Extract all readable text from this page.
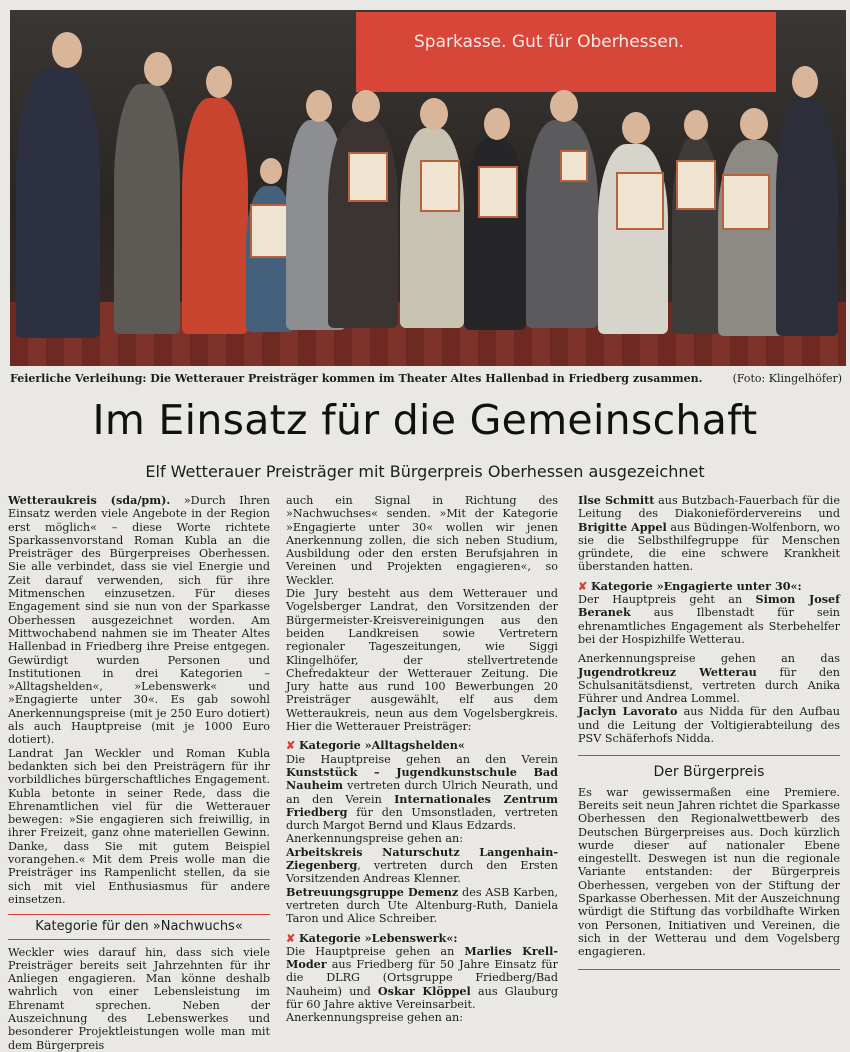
Sparkasse. Gut für Oberhessen.
Feierliche Verleihung: Die Wetterauer Preisträger kommen im Theater Altes Hallenbad in Friedberg zusammen.	(Foto: Klingelhöfer)
Im Einsatz für die Gemeinschaft
Elf Wetterauer Preisträger mit Bürgerpreis Oberhessen ausgezeichnet

Wetteraukreis (sda/pm). »Durch Ihren Einsatz werden viele Angebote in der Region erst möglich« – diese Worte richtete Sparkassenvorstand Roman Kubla an die Preisträger des Bürgerpreises Oberhessen. Sie alle verbindet, dass sie viel Energie und Zeit darauf verwenden, sich für ihre Mitmenschen einzusetzen. Für dieses Engagement sind sie nun von der Sparkasse Oberhessen ausgezeichnet worden. Am Mittwochabend nahmen sie im Theater Altes Hallenbad in Friedberg ihre Preise entgegen. Gewürdigt wurden Personen und Institutionen in drei Kategorien – »Alltagshelden«, »Lebenswerk« und »Engagierte unter 30«. Es gab sowohl Anerkennungspreise (mit je 250 Euro dotiert) als auch Hauptpreise (mit je 1000 Euro dotiert).

Landrat Jan Weckler und Roman Kubla bedankten sich bei den Preisträgern für ihr vorbildliches bürgerschaftliches Engagement. Kubla betonte in seiner Rede, dass die Ehrenamtlichen viel für die Wetterauer bewegen: »Sie engagieren sich freiwillig, in ihrer Freizeit, ganz ohne materiellen Gewinn. Danke, dass Sie mit gutem Beispiel vorangehen.« Mit dem Preis wolle man die Preisträger ins Rampenlicht stellen, da sie sich mit viel Enthusiasmus für andere einsetzen.

Kategorie für den »Nachwuchs«

Weckler wies darauf hin, dass sich viele Preisträger bereits seit Jahrzehnten für ihr Anliegen engagieren. Man könne deshalb wahrlich von einer Lebensleistung im Ehrenamt sprechen. Neben der Auszeichnung des Lebenswerkes und besonderer Projektleistungen wolle man mit dem Bürgerpreis

auch ein Signal in Richtung des »Nachwuchses« senden. »Mit der Kategorie »Engagierte unter 30« wollen wir jenen Anerkennung zollen, die sich neben Studium, Ausbildung oder den ersten Berufsjahren in Vereinen und Projekten engagieren«, so Weckler.

Die Jury besteht aus dem Wetterauer und Vogelsberger Landrat, den Vorsitzenden der Bürgermeister-Kreisvereinigungen aus den beiden Landkreisen sowie Vertretern regionaler Tageszeitungen, wie Siggi Klingelhöfer, der stellvertretende Chefredakteur der Wetterauer Zeitung. Die Jury hatte aus rund 100 Bewerbungen 20 Preisträger ausgewählt, elf aus dem Wetteraukreis, neun aus dem Vogelsbergkreis. Hier die Wetterauer Preisträger:

✘ Kategorie »Alltagshelden«

Die Hauptpreise gehen an den Verein Kunststück – Jugendkunstschule Bad Nauheim vertreten durch Ulrich Neurath, und an den Verein Internationales Zentrum Friedberg für den Umsonstladen, vertreten durch Margot Bernd und Klaus Edzards.

Anerkennungspreise gehen an:

Arbeitskreis Naturschutz Langenhain-Ziegenberg, vertreten durch den Ersten Vorsitzenden Andreas Klenner.

Betreuungsgruppe Demenz des ASB Karben, vertreten durch Ute Altenburg-Ruth, Daniela Taron und Alice Schreiber.

✘ Kategorie »Lebenswerk«:

Die Hauptpreise gehen an Marlies Krell-Moder aus Friedberg für 50 Jahre Einsatz für die DLRG (Ortsgruppe Friedberg/Bad Nauheim) und Oskar Klöppel aus Glauburg für 60 Jahre aktive Vereinsarbeit.

Anerkennungspreise gehen an:

Ilse Schmitt aus Butzbach-Fauerbach für die Leitung des Diakoniefördervereins und Brigitte Appel aus Büdingen-Wolfenborn, wo sie die Selbsthilfegruppe für Menschen gründete, die eine schwere Krankheit überstanden hatten.

✘ Kategorie »Engagierte unter 30«:

Der Hauptpreis geht an Simon Josef Beranek aus Ilbenstadt für sein ehrenamtliches Engagement als Sterbehelfer bei der Hospizhilfe Wetterau.

Anerkennungspreise gehen an das Jugendrotkreuz Wetterau für den Schulsanitätsdienst, vertreten durch Anika Führer und Andrea Lommel.

Jaclyn Lavorato aus Nidda für den Aufbau und die Leitung der Voltigierabteilung des PSV Schäferhofs Nidda.

Der Bürgerpreis

Es war gewissermaßen eine Premiere. Bereits seit neun Jahren richtet die Sparkasse Oberhessen den Regionalwettbewerb des Deutschen Bürgerpreises aus. Doch kürzlich wurde dieser auf nationaler Ebene eingestellt. Deswegen ist nun die regionale Variante entstanden: der Bürgerpreis Oberhessen, vergeben von der Stiftung der Sparkasse Oberhessen. Mit der Auszeichnung würdigt die Stiftung das vorbildhafte Wirken von Personen, Initiativen und Vereinen, die sich in der Wetterau und dem Vogelsberg engagieren.
